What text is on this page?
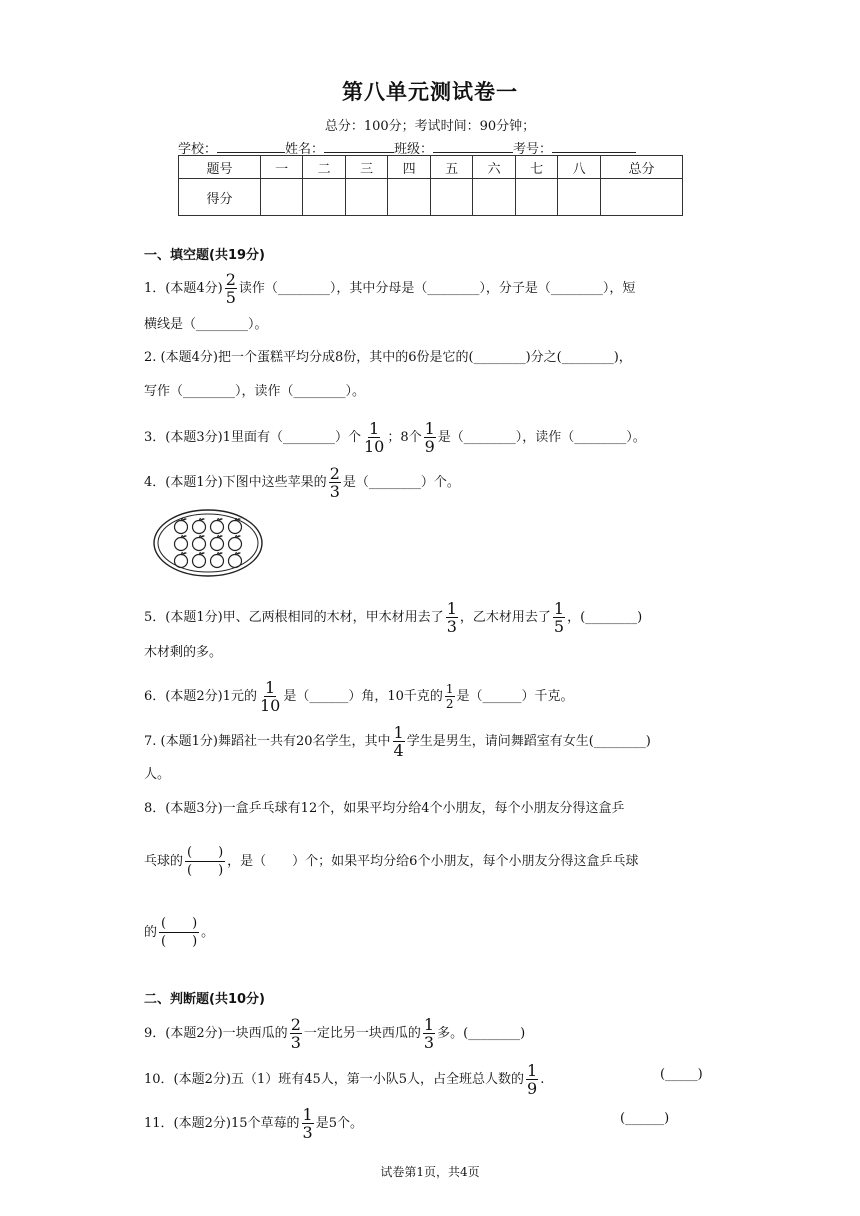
第八单元测试卷一
总分：100分；考试时间：90分钟；
学校：	姓名：	班级：	考号：
题号	一	二	三	四	五	六	七	八	总分
得分									
一、填空题(共19分)
1．(本题4分) $\frac{2}{5}$ 读作（________），其中分母是（________），分子是（________），短
横线是（________）。
2. (本题4分)把一个蛋糕平均分成8份，其中的6份是它的(________)分之(________)，
写作（________），读作（________）。
3．(本题3分)1里面有（________）个 $\frac{1}{10}$ ；8个 $\frac{1}{9}$ 是（________），读作（________）。
4．(本题1分)下图中这些苹果的 $\frac{2}{3}$ 是（________）个。
5．(本题1分)甲、乙两根相同的木材，甲木材用去了 $\frac{1}{3}$ ，乙木材用去了 $\frac{1}{5}$ ，(________)
木材剩的多。
6．(本题2分)1元的 $\frac{1}{10}$ 是（______）角，10千克的 $\frac{1}{2}$ 是（______）千克。
7. (本题1分)舞蹈社一共有20名学生，其中 $\frac{1}{4}$ 学生是男生，请问舞蹈室有女生(________)
人。
8．(本题3分)一盒乒乓球有12个，如果平均分给4个小朋友，每个小朋友分得这盒乒
乓球的 $\frac{( )}{( )}$ ，是（　　）个；如果平均分给6个小朋友，每个小朋友分得这盒乒乓球
的 $\frac{( )}{( )}$ 。
二、判断题(共10分)
9．(本题2分)一块西瓜的 $\frac{2}{3}$ 一定比另一块西瓜的 $\frac{1}{3}$ 多。(________)
10．(本题2分)五（1）班有45人，第一小队5人，占全班总人数的 $\frac{1}{9}$ .	(_____)
11．(本题2分)15个草莓的 $\frac{1}{3}$ 是5个。	(______)
试卷第1页，共4页
